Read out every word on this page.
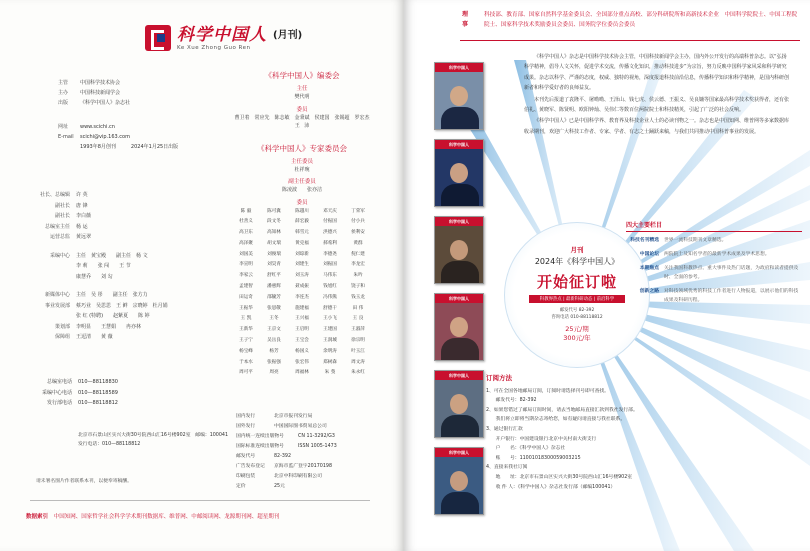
科学中国人
Ke Xue Zhong Guo Ren
(月刊)
主管	中国科学技术协会
主办	中国科技新闻学会
出版	《科学中国人》杂志社
网址	www.scichi.cn
E-mail	scichi@vip.163.com
1993年8月创刊　　　2024年1月25日出版
社长、总编辑 许 英
副社长 唐 锋
副社长 李白薇
总编室主任 杨 运
运营总监 黄远翠
采编中心 主任　黄宝殿　　副主任　杨 文
李 莉　　张 闯　　王 节
康慧乔　　刘 勾
新媒体中心 主任　吴 彤　　副主任　张方力
事业发展部 蔡巧业　吴思思　王 鲜　宗晓婷　杜月娟
张 红 (特聘)　　赵紫夏　　陈 婷
策划部 李明显　　王慧娟　　冉亦林
保障组 王逗清　　黄 薇
总编室电话 010—88118830
采编中心电话 010—88118589
发行部电话 010—88118812
北京市石景山区实兴大街30号院西山汇16号楼902室　邮编：100041　　发行电话：010—88118812
请未署名图片作者联系本刊，以便奉寄稿酬。
数据索引 中国知网、国家哲学社会科学学术期刊数据库、维普网、中邮阅读网、龙源期刊网、超星期刊
《科学中国人》编委会
主任
樊代明
委员
曹卫着　常应先　陈志敏　金秉斌　侯建国　张锡超　罗宏杰　王 沛
《科学中国人》专家委员会
主任委员
杜祥琬
副主任委员
陈凌波　　张亦洁
委员
陈 毅	陈可冀	陈越川	邓天庆	丁荣军
杜善义	段文冬	薛宏毅	付振国	付小兵
高卫东	高知林	韩雪元	洪德兴	侯利安
高泽聚	胡文瑞	黄克福	郝希利	黄群
刘国美	刘俊瑞	刘琼新	李德尧	倪仁建
李宣明	刘昊青	刘建生	刘振国	李龙宏
李家云	舒红平	刘玉涛	马伟东	朱吟
孟建智	潘惠辉	聂成振	钱旭红	饶子和
田运奇	邵毓芳	李连杰	冯伟熊	钱玉龙
王振华	张思敬	施建福	舒德干	田 伟
王 凯	王冬	王兴福	王小飞	王 良
王新华	王京文	王启明	王建国	王淑萍
王子宁	吴岳良	王宝会	王润城	徐宗明
杨宝峰	杨芳	杨国义	余明涛	叶玉江
于本水	张振强	张宏伟	郑树森	周文涛
周可平	周亮	周福林	朱 弢	朱永红
国内发行	北京市报刊发行局
国外发行	中国国际图书贸易总公司
国内统一连续出版物号	CN 11-3292/G3
国际标准连续出版物号	ISSN 1005-1473
邮发代号	82-392
广告发布登记	京海市监广登字20170198
印刷包装	北京中科印刷有限公司
定价	25元
理　　事
科技部、教育部、国家自然科学基金委员会、全国部分重点高校、部分科研院所和高新技术企业　中国科学院院士、中国工程院院士、国家科学技术奖励委员会委员、国务院学位委员会委员
科学中国人
科学中国人
科学中国人
科学中国人
科学中国人
科学中国人

《科学中国人》杂志是中国科学技术协会主管，中国科技新闻学会主办，国内外公开发行的高端科普杂志。以“弘扬科学精神，倡导人文关怀，促进学术交流，传播文化知识，推动科技进步”为宗旨，努力反映中国科学家风采和科学研究成果。杂志以科学、严谨的态度，权威、独特的视角，深度报道科技前沿信息，传播科学知识和科学精神，是国内科研创新者和科学爱好者的良师益友。

本刊先后报道了袁隆平、屠呦呦、王泽山、钱七虎、侯云德、王振义、吴良镛等国家最高科学技术奖获得者，还有张伯礼、黄晓军、陈贤明、欧阳钟灿、吴伟仁等数百位两院院士和科技精英，引起了广泛的社会反响。

《科学中国人》已是中国科学界、教育界及科技企业人士的必读刊物之一。杂志也是中国知网、维普网等多家数据库收录期刊，欢迎广大科技工作者、专家、学者、有志之士踊跃来稿，与我们共同推动中国科普事业的发展。

月刊
2024年《科学中国人》
开始征订啦
科教界热点 | 最新科研动态 | 前沿科学
邮发代号 82-392
咨询电话 010-88118812
25元/期
300元/年
四大主要栏目
科技名刊精选	世界一流科技期刊文章精选。
中国论坛	两院院士及知名学者的最新学术成果及学术思想。
本期焦点	关注我国科教热点、重大事件及热门话题，为政府和读者提供及时、全面的参考。
创新之路	对科技领域优秀的科技工作者进行人物报道，以展示他们的科技成果及科研历程。
订阅方法
1、可在全国各地邮局订阅，订阅时请选择刊号即可查找。
　　邮发代号：82-392
2、如果您错过了邮局订阅时间，请去当地邮局直接汇款到我社发行部。
　　我们将立即将当期杂志寄给您，如有疑问请直接与我社联系。
3、通过银行汇款
　　开户银行：中国建设银行北京中关村南大街支行
　　户　　名：《科学中国人》杂志社
　　账　　号：11001018300059003215
4、直接来我社订阅
　　地　　址：北京市石景山区实兴大街30号院西山汇16号楼902室
　　收 件 人：《科学中国人》杂志社发行部（邮编100041）
